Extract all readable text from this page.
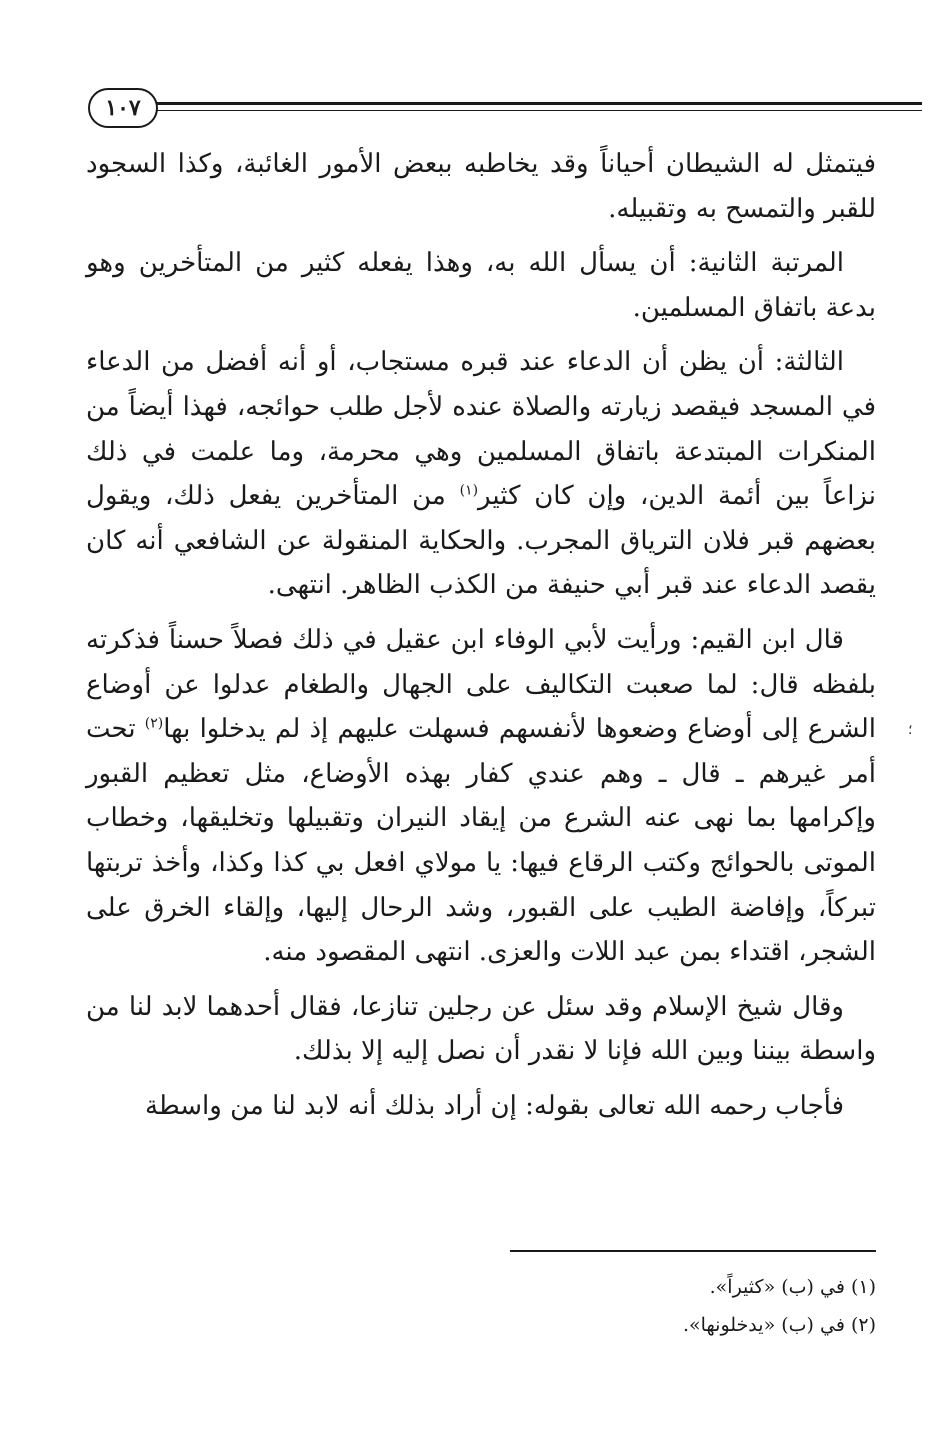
١٠٧

فيتمثل له الشيطان أحياناً وقد يخاطبه ببعض الأمور الغائبة، وكذا السجود للقبر والتمسح به وتقبيله.

المرتبة الثانية: أن يسأل الله به، وهذا يفعله كثير من المتأخرين وهو بدعة باتفاق المسلمين.

الثالثة: أن يظن أن الدعاء عند قبره مستجاب، أو أنه أفضل من الدعاء في المسجد فيقصد زيارته والصلاة عنده لأجل طلب حوائجه، فهذا أيضاً من المنكرات المبتدعة باتفاق المسلمين وهي محرمة، وما علمت في ذلك نزاعاً بين أئمة الدين، وإن كان كثير$^{(١)}$ من المتأخرين يفعل ذلك، ويقول بعضهم قبر فلان الترياق المجرب. والحكاية المنقولة عن الشافعي أنه كان يقصد الدعاء عند قبر أبي حنيفة من الكذب الظاهر. انتهى.

قال ابن القيم: ورأيت لأبي الوفاء ابن عقيل في ذلك فصلاً حسناً فذكرته بلفظه قال: لما صعبت التكاليف على الجهال والطغام عدلوا عن أوضاع الشرع إلى أوضاع وضعوها لأنفسهم فسهلت عليهم إذ لم يدخلوا بها$^{(٢)}$ تحت أمر غيرهم ـ قال ـ وهم عندي كفار بهذه الأوضاع، مثل تعظيم القبور وإكرامها بما نهى عنه الشرع من إيقاد النيران وتقبيلها وتخليقها، وخطاب الموتى بالحوائج وكتب الرقاع فيها: يا مولاي افعل بي كذا وكذا، وأخذ تربتها تبركاً، وإفاضة الطيب على القبور، وشد الرحال إليها، وإلقاء الخرق على الشجر، اقتداء بمن عبد اللات والعزى. انتهى المقصود منه.

وقال شيخ الإسلام وقد سئل عن رجلين تنازعا، فقال أحدهما لابد لنا من واسطة بيننا وبين الله فإنا لا نقدر أن نصل إليه إلا بذلك.

فأجاب رحمه الله تعالى بقوله: إن أراد بذلك أنه لابد لنا من واسطة

؛

(١) في (ب) «كثيراً».

(٢) في (ب) «يدخلونها».
